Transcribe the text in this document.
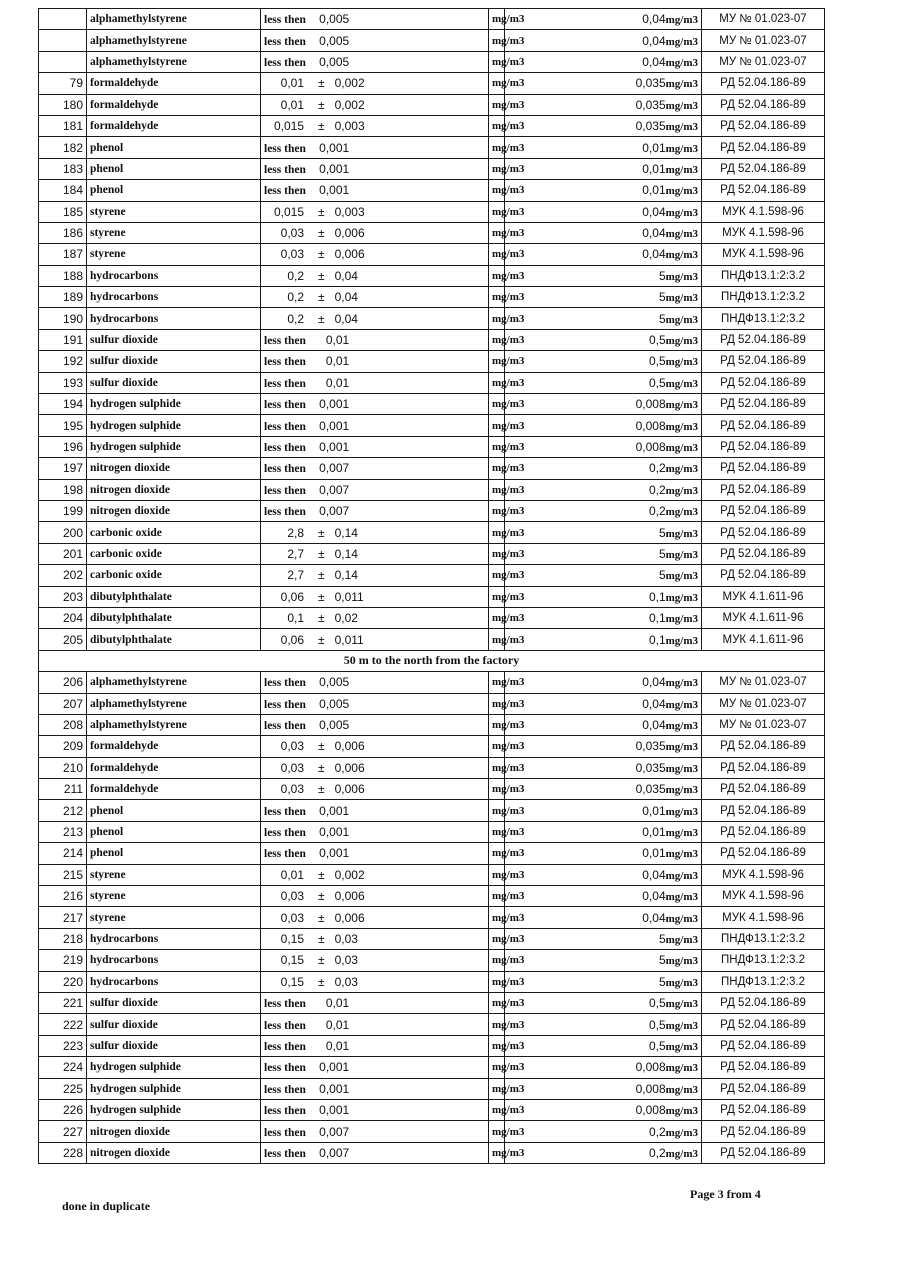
	alphamethylstyrene	less then 0,005	mg/m3		0,04mg/m3	МУ № 01.023-07

	alphamethylstyrene	less then 0,005	mg/m3		0,04mg/m3	МУ № 01.023-07

	alphamethylstyrene	less then 0,005	mg/m3		0,04mg/m3	МУ № 01.023-07

79	formaldehyde	0,01 ± 0,002	mg/m3		0,035mg/m3	РД 52.04.186-89

180	formaldehyde	0,01 ± 0,002	mg/m3		0,035mg/m3	РД 52.04.186-89

181	formaldehyde	0,015 ± 0,003	mg/m3		0,035mg/m3	РД 52.04.186-89

182	phenol	less then 0,001	mg/m3		0,01mg/m3	РД 52.04.186-89

183	phenol	less then 0,001	mg/m3		0,01mg/m3	РД 52.04.186-89

184	phenol	less then 0,001	mg/m3		0,01mg/m3	РД 52.04.186-89

185	styrene	0,015 ± 0,003	mg/m3		0,04mg/m3	МУК 4.1.598-96

186	styrene	0,03 ± 0,006	mg/m3		0,04mg/m3	МУК 4.1.598-96

187	styrene	0,03 ± 0,006	mg/m3		0,04mg/m3	МУК 4.1.598-96

188	hydrocarbons	0,2 ± 0,04	mg/m3		5mg/m3	ПНДФ13.1:2:3.2

189	hydrocarbons	0,2 ± 0,04	mg/m3		5mg/m3	ПНДФ13.1:2:3.2

190	hydrocarbons	0,2 ± 0,04	mg/m3		5mg/m3	ПНДФ13.1:2:3.2

191	sulfur dioxide	less then 0,01	mg/m3		0,5mg/m3	РД 52.04.186-89

192	sulfur dioxide	less then 0,01	mg/m3		0,5mg/m3	РД 52.04.186-89

193	sulfur dioxide	less then 0,01	mg/m3		0,5mg/m3	РД 52.04.186-89

194	hydrogen sulphide	less then 0,001	mg/m3		0,008mg/m3	РД 52.04.186-89

195	hydrogen sulphide	less then 0,001	mg/m3		0,008mg/m3	РД 52.04.186-89

196	hydrogen sulphide	less then 0,001	mg/m3		0,008mg/m3	РД 52.04.186-89

197	nitrogen dioxide	less then 0,007	mg/m3		0,2mg/m3	РД 52.04.186-89

198	nitrogen dioxide	less then 0,007	mg/m3		0,2mg/m3	РД 52.04.186-89

199	nitrogen dioxide	less then 0,007	mg/m3		0,2mg/m3	РД 52.04.186-89

200	carbonic oxide	2,8 ± 0,14	mg/m3		5mg/m3	РД 52.04.186-89

201	carbonic oxide	2,7 ± 0,14	mg/m3		5mg/m3	РД 52.04.186-89

202	carbonic oxide	2,7 ± 0,14	mg/m3		5mg/m3	РД 52.04.186-89

203	dibutylphthalate	0,06 ± 0,011	mg/m3		0,1mg/m3	МУК 4.1.611-96

204	dibutylphthalate	0,1 ± 0,02	mg/m3		0,1mg/m3	МУК 4.1.611-96

205	dibutylphthalate	0,06 ± 0,011	mg/m3		0,1mg/m3	МУК 4.1.611-96

50 m to the north from the factory
206	alphamethylstyrene	less then 0,005	mg/m3		0,04mg/m3	МУ № 01.023-07

207	alphamethylstyrene	less then 0,005	mg/m3		0,04mg/m3	МУ № 01.023-07

208	alphamethylstyrene	less then 0,005	mg/m3		0,04mg/m3	МУ № 01.023-07

209	formaldehyde	0,03 ± 0,006	mg/m3		0,035mg/m3	РД 52.04.186-89

210	formaldehyde	0,03 ± 0,006	mg/m3		0,035mg/m3	РД 52.04.186-89

211	formaldehyde	0,03 ± 0,006	mg/m3		0,035mg/m3	РД 52.04.186-89

212	phenol	less then 0,001	mg/m3		0,01mg/m3	РД 52.04.186-89

213	phenol	less then 0,001	mg/m3		0,01mg/m3	РД 52.04.186-89

214	phenol	less then 0,001	mg/m3		0,01mg/m3	РД 52.04.186-89

215	styrene	0,01 ± 0,002	mg/m3		0,04mg/m3	МУК 4.1.598-96

216	styrene	0,03 ± 0,006	mg/m3		0,04mg/m3	МУК 4.1.598-96

217	styrene	0,03 ± 0,006	mg/m3		0,04mg/m3	МУК 4.1.598-96

218	hydrocarbons	0,15 ± 0,03	mg/m3		5mg/m3	ПНДФ13.1:2:3.2

219	hydrocarbons	0,15 ± 0,03	mg/m3		5mg/m3	ПНДФ13.1:2:3.2

220	hydrocarbons	0,15 ± 0,03	mg/m3		5mg/m3	ПНДФ13.1:2:3.2

221	sulfur dioxide	less then 0,01	mg/m3		0,5mg/m3	РД 52.04.186-89

222	sulfur dioxide	less then 0,01	mg/m3		0,5mg/m3	РД 52.04.186-89

223	sulfur dioxide	less then 0,01	mg/m3		0,5mg/m3	РД 52.04.186-89

224	hydrogen sulphide	less then 0,001	mg/m3		0,008mg/m3	РД 52.04.186-89

225	hydrogen sulphide	less then 0,001	mg/m3		0,008mg/m3	РД 52.04.186-89

226	hydrogen sulphide	less then 0,001	mg/m3		0,008mg/m3	РД 52.04.186-89

227	nitrogen dioxide	less then 0,007	mg/m3		0,2mg/m3	РД 52.04.186-89

228	nitrogen dioxide	less then 0,007	mg/m3		0,2mg/m3	РД 52.04.186-89
Page 3 from 4
done in duplicate
